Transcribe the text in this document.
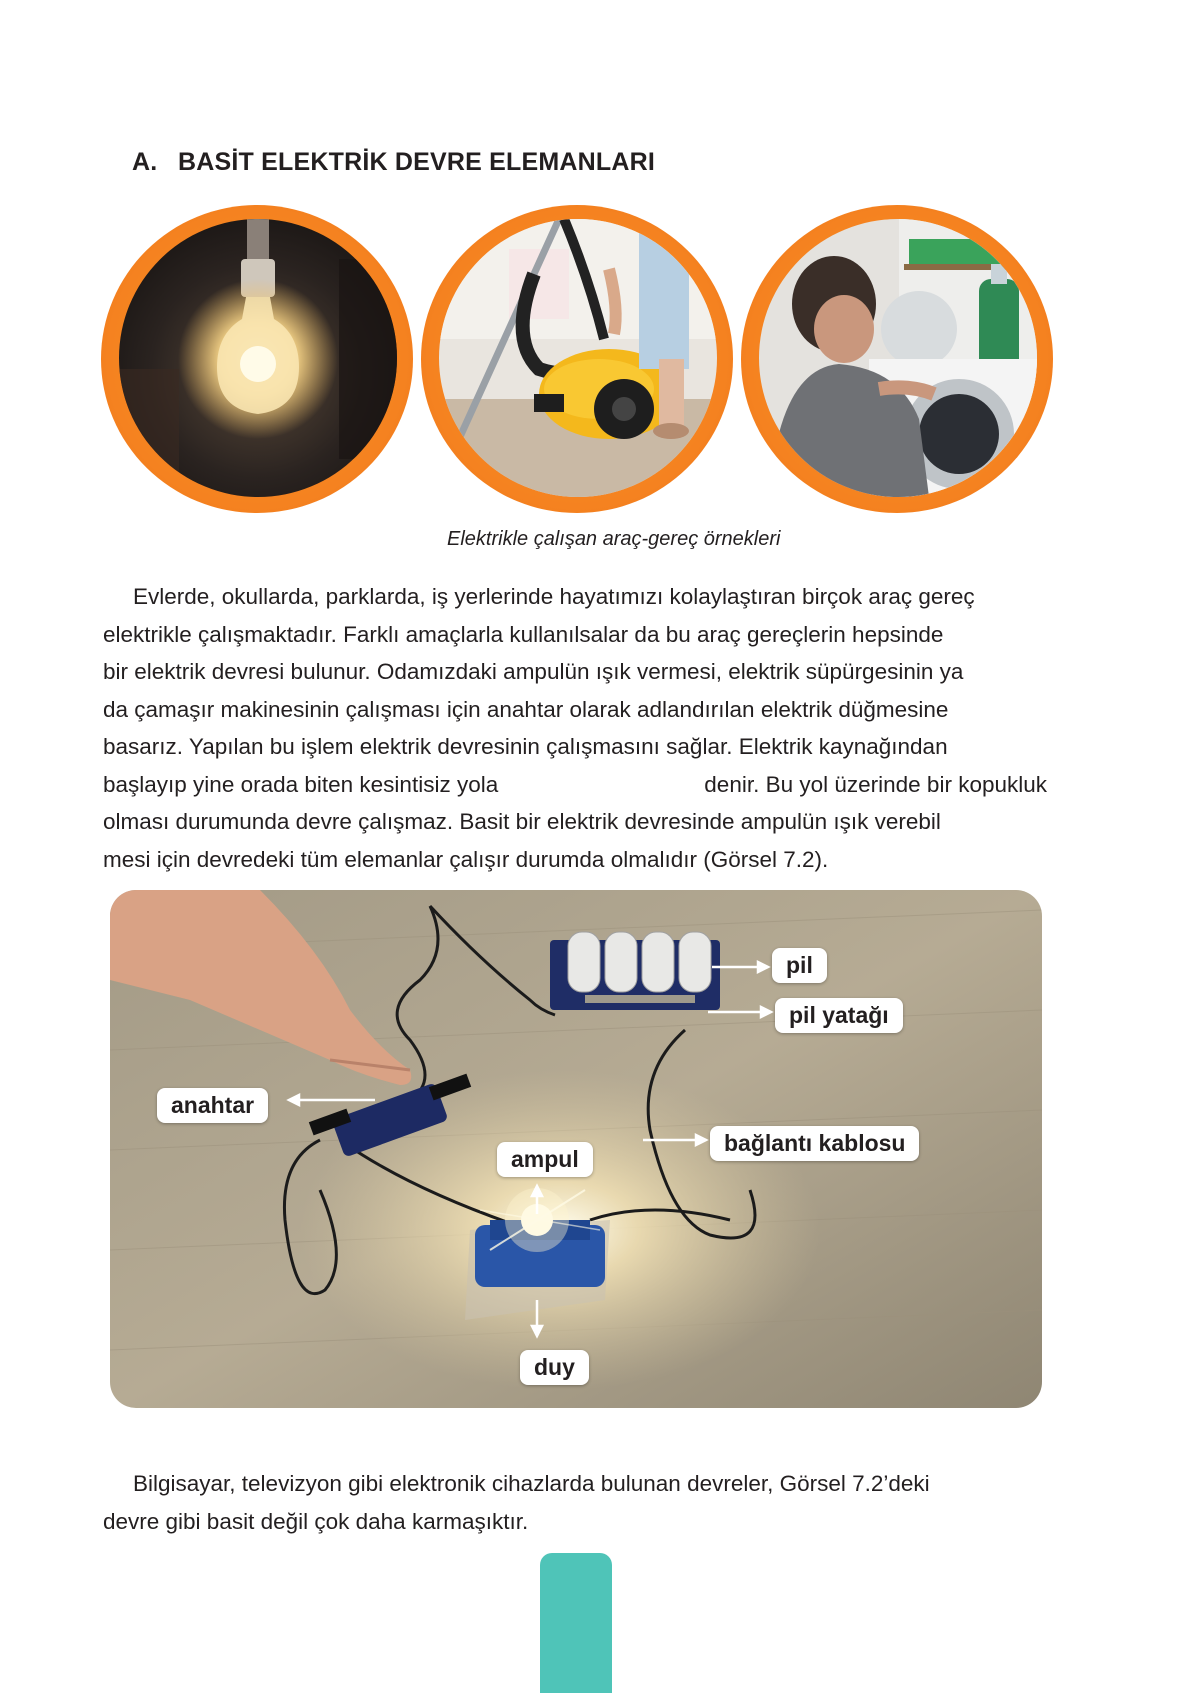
A. BASİT ELEKTRİK DEVRE ELEMANLARI
Elektrikle çalışan araç-gereç örnekleri
Evlerde, okullarda, parklarda, iş yerlerinde hayatımızı kolaylaştıran birçok araç gereç
elektrikle çalışmaktadır. Farklı amaçlarla kullanılsalar da bu araç gereçlerin hepsinde
bir elektrik devresi bulunur. Odamızdaki ampulün ışık vermesi, elektrik süpürgesinin ya
da çamaşır makinesinin çalışması için anahtar olarak adlandırılan elektrik düğmesine
basarız. Yapılan bu işlem elektrik devresinin çalışmasını sağlar. Elektrik kaynağından
başlayıp yine orada biten kesintisiz yola	denir. Bu yol üzerinde bir kopukluk
olması durumunda devre çalışmaz. Basit bir elektrik devresinde ampulün ışık verebil
mesi için devredeki tüm elemanlar çalışır durumda olmalıdır (Görsel 7.2).
pil
pil yatağı
anahtar
bağlantı kablosu
ampul
duy
Bilgisayar, televizyon gibi elektronik cihazlarda bulunan devreler, Görsel 7.2’deki
devre gibi basit değil çok daha karmaşıktır.
